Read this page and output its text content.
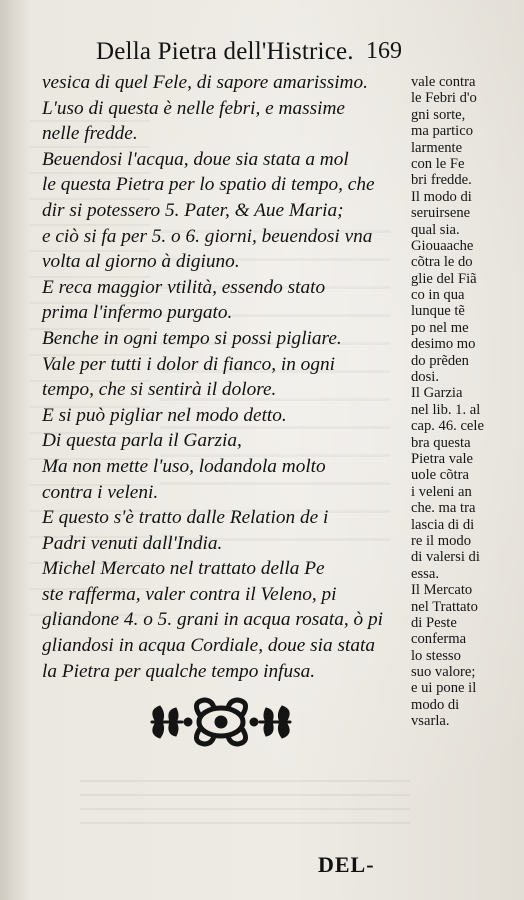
Della Pietra dell'Histrice. 169
vesica di quel Fele, di sapore amarissimo.
L'uso di questa è nelle febri, e massime
nelle fredde.
Beuendosi l'acqua, doue sia stata a mol
le questa Pietra per lo spatio di tempo, che
dir si potessero 5. Pater, & Aue Maria;
e ciò si fa per 5. o 6. giorni, beuendosi vna
volta al giorno à digiuno.
E reca maggior vtilità, essendo stato
prima l'infermo purgato.
Benche in ogni tempo si possi pigliare.
Vale per tutti i dolor di fianco, in ogni
tempo, che si sentirà il dolore.
E si può pigliar nel modo detto.
Di questa parla il Garzia,
Ma non mette l'uso, lodandola molto
contra i veleni.
E questo s'è tratto dalle Relation de i
Padri venuti dall'India.
Michel Mercato nel trattato della Pe
ste rafferma, valer contra il Veleno, pi
gliandone 4. o 5. grani in acqua rosata, ò pi
gliandosi in acqua Cordiale, doue sia stata
la Pietra per qualche tempo infusa.
vale contra
le Febri d'o
gni sorte,
ma partico
larmente
con le Fe
bri fredde.
Il modo di
seruirsene
qual sia.
Giouaache
cõtra le do
glie del Fiã
co in qua
lunque tẽ
po nel me
desimo mo
do prẽden
dosi.
Il Garzia
nel lib. 1. al
cap. 46. cele
bra questa
Pietra vale
uole cõtra
i veleni an
che. ma tra
lascia di di
re il modo
di valersi di
essa.
Il Mercato
nel Trattato
di Peste
conferma
lo stesso
suo valore;
e ui pone il
modo di
vsarla.
DEL-
